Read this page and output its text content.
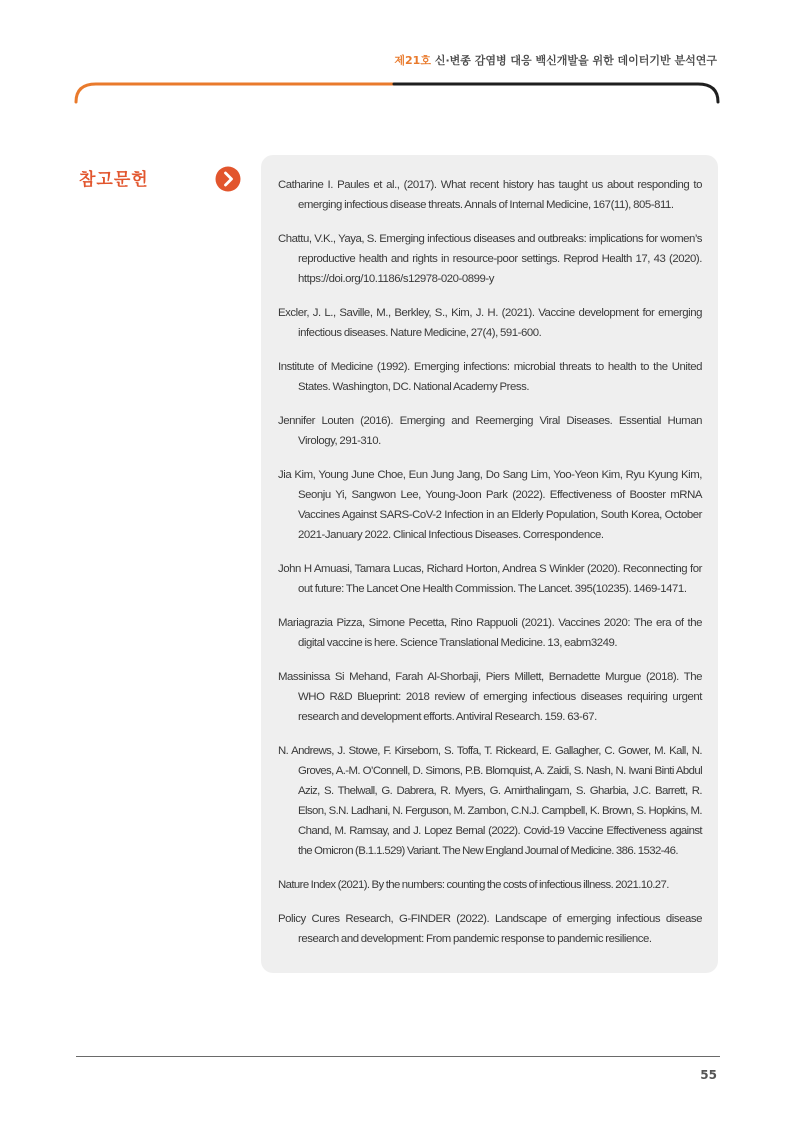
제21호 신·변종 감염병 대응 백신개발을 위한 데이터기반 분석연구
참고문헌	Catharine I. Paules et al., (2017). What recent history has taught us about responding to emerging infectious disease threats. Annals of Internal Medicine, 167(11), 805-811.
Chattu, V.K., Yaya, S. Emerging infectious diseases and outbreaks: implications for women’s reproductive health and rights in resource-poor settings. Reprod Health 17, 43 (2020). https://doi.org/10.1186/s12978-020-0899-y
Excler, J. L., Saville, M., Berkley, S., Kim, J. H. (2021). Vaccine development for emerging infectious diseases. Nature Medicine, 27(4), 591-600.
Institute of Medicine (1992). Emerging infections: microbial threats to health to the United States. Washington, DC. National Academy Press.
Jennifer Louten (2016). Emerging and Reemerging Viral Diseases. Essential Human Virology, 291-310.
Jia Kim, Young June Choe, Eun Jung Jang, Do Sang Lim, Yoo-Yeon Kim, Ryu Kyung Kim, Seonju Yi, Sangwon Lee, Young-Joon Park (2022). Effectiveness of Booster mRNA Vaccines Against SARS-CoV-2 Infection in an Elderly Population, South Korea, October 2021-January 2022. Clinical Infectious Diseases. Correspondence.
John H Amuasi, Tamara Lucas, Richard Horton, Andrea S Winkler (2020). Reconnecting for out future: The Lancet One Health Commission. The Lancet. 395(10235). 1469-1471.
Mariagrazia Pizza, Simone Pecetta, Rino Rappuoli (2021). Vaccines 2020: The era of the digital vaccine is here. Science Translational Medicine. 13, eabm3249.
Massinissa Si Mehand, Farah Al-Shorbaji, Piers Millett, Bernadette Murgue (2018). The WHO R&D Blueprint: 2018 review of emerging infectious diseases requiring urgent research and development efforts. Antiviral Research. 159. 63-67.
N. Andrews, J. Stowe, F. Kirsebom, S. Toffa, T. Rickeard, E. Gallagher, C. Gower, M. Kall, N. Groves, A.-M. O’Connell, D. Simons, P.B. Blomquist, A. Zaidi, S. Nash, N. Iwani Binti Abdul Aziz, S. Thelwall, G. Dabrera, R. Myers, G. Amirthalingam, S. Gharbia, J.C. Barrett, R. Elson, S.N. Ladhani, N. Ferguson, M. Zambon, C.N.J. Campbell, K. Brown, S. Hopkins, M. Chand, M. Ramsay, and J. Lopez Bernal (2022). Covid-19 Vaccine Effectiveness against the Omicron (B.1.1.529) Variant. The New England Journal of Medicine. 386. 1532-46.
Nature Index (2021). By the numbers: counting the costs of infectious illness. 2021.10.27.
Policy Cures Research, G-FINDER (2022). Landscape of emerging infectious disease research and development: From pandemic response to pandemic resilience.
55
